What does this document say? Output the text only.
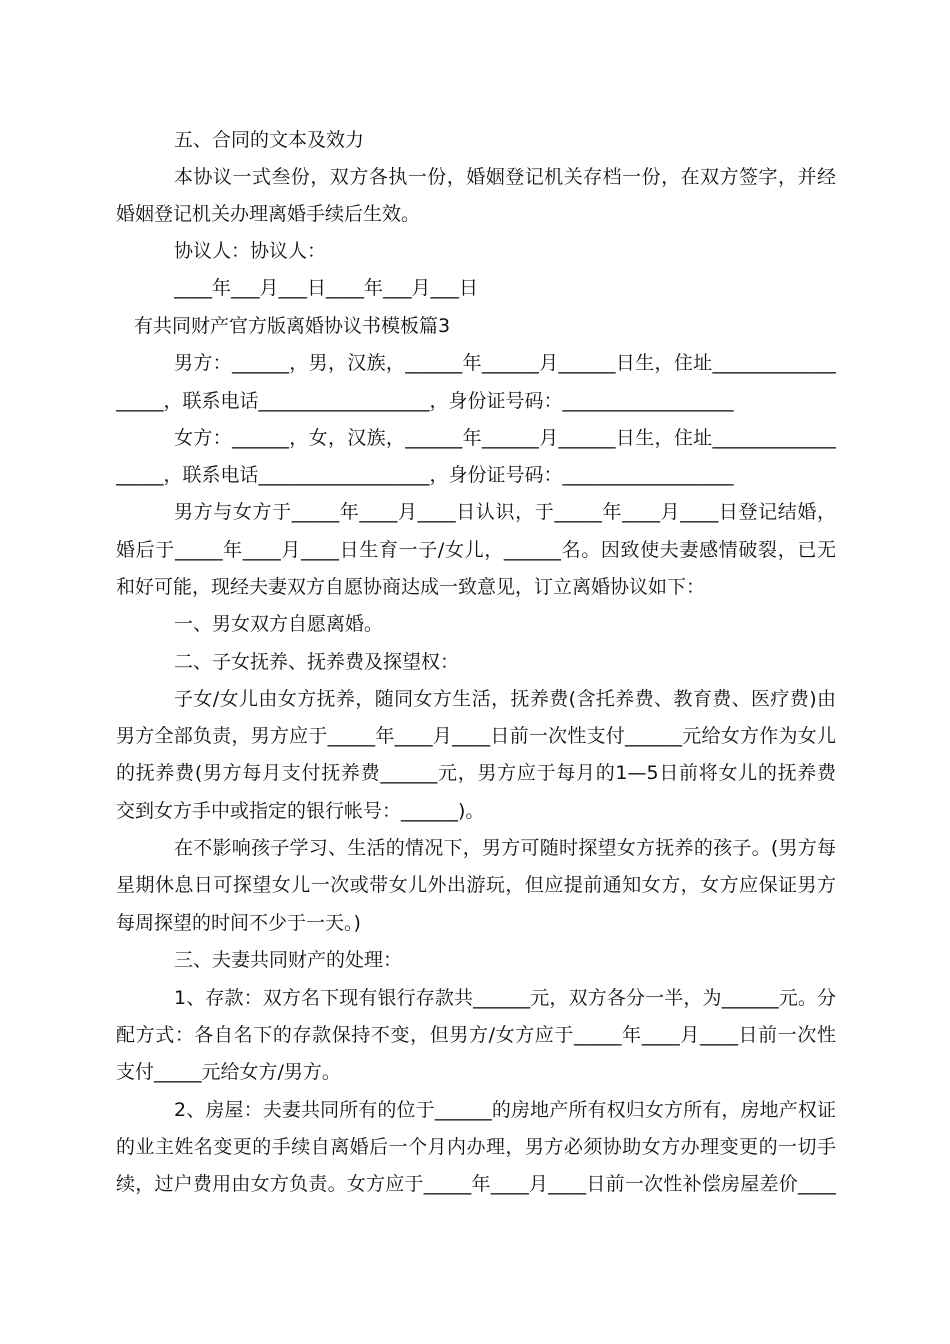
五、合同的文本及效力
本协议一式叁份，双方各执一份，婚姻登记机关存档一份，在双方签字，并经
婚姻登记机关办理离婚手续后生效。
协议人：协议人：
____年___月___日____年___月___日
有共同财产官方版离婚协议书模板篇3
男方：______，男，汉族，______年______月______日生，住址_____________
_____，联系电话__________________，身份证号码：__________________
女方：______，女，汉族，______年______月______日生，住址_____________
_____，联系电话__________________，身份证号码：__________________
男方与女方于_____年____月____日认识，于_____年____月____日登记结婚，
婚后于_____年____月____日生育一子/女儿，______名。因致使夫妻感情破裂，已无
和好可能，现经夫妻双方自愿协商达成一致意见，订立离婚协议如下：
一、男女双方自愿离婚。
二、子女抚养、抚养费及探望权：
子女/女儿由女方抚养，随同女方生活，抚养费(含托养费、教育费、医疗费)由
男方全部负责，男方应于_____年____月____日前一次性支付______元给女方作为女儿
的抚养费(男方每月支付抚养费______元，男方应于每月的1—5日前将女儿的抚养费
交到女方手中或指定的银行帐号：______)。
在不影响孩子学习、生活的情况下，男方可随时探望女方抚养的孩子。(男方每
星期休息日可探望女儿一次或带女儿外出游玩，但应提前通知女方，女方应保证男方
每周探望的时间不少于一天。)
三、夫妻共同财产的处理：
1、存款：双方名下现有银行存款共______元，双方各分一半，为______元。分
配方式：各自名下的存款保持不变，但男方/女方应于_____年____月____日前一次性
支付_____元给女方/男方。
2、房屋：夫妻共同所有的位于______的房地产所有权归女方所有，房地产权证
的业主姓名变更的手续自离婚后一个月内办理，男方必须协助女方办理变更的一切手
续，过户费用由女方负责。女方应于_____年____月____日前一次性补偿房屋差价____
